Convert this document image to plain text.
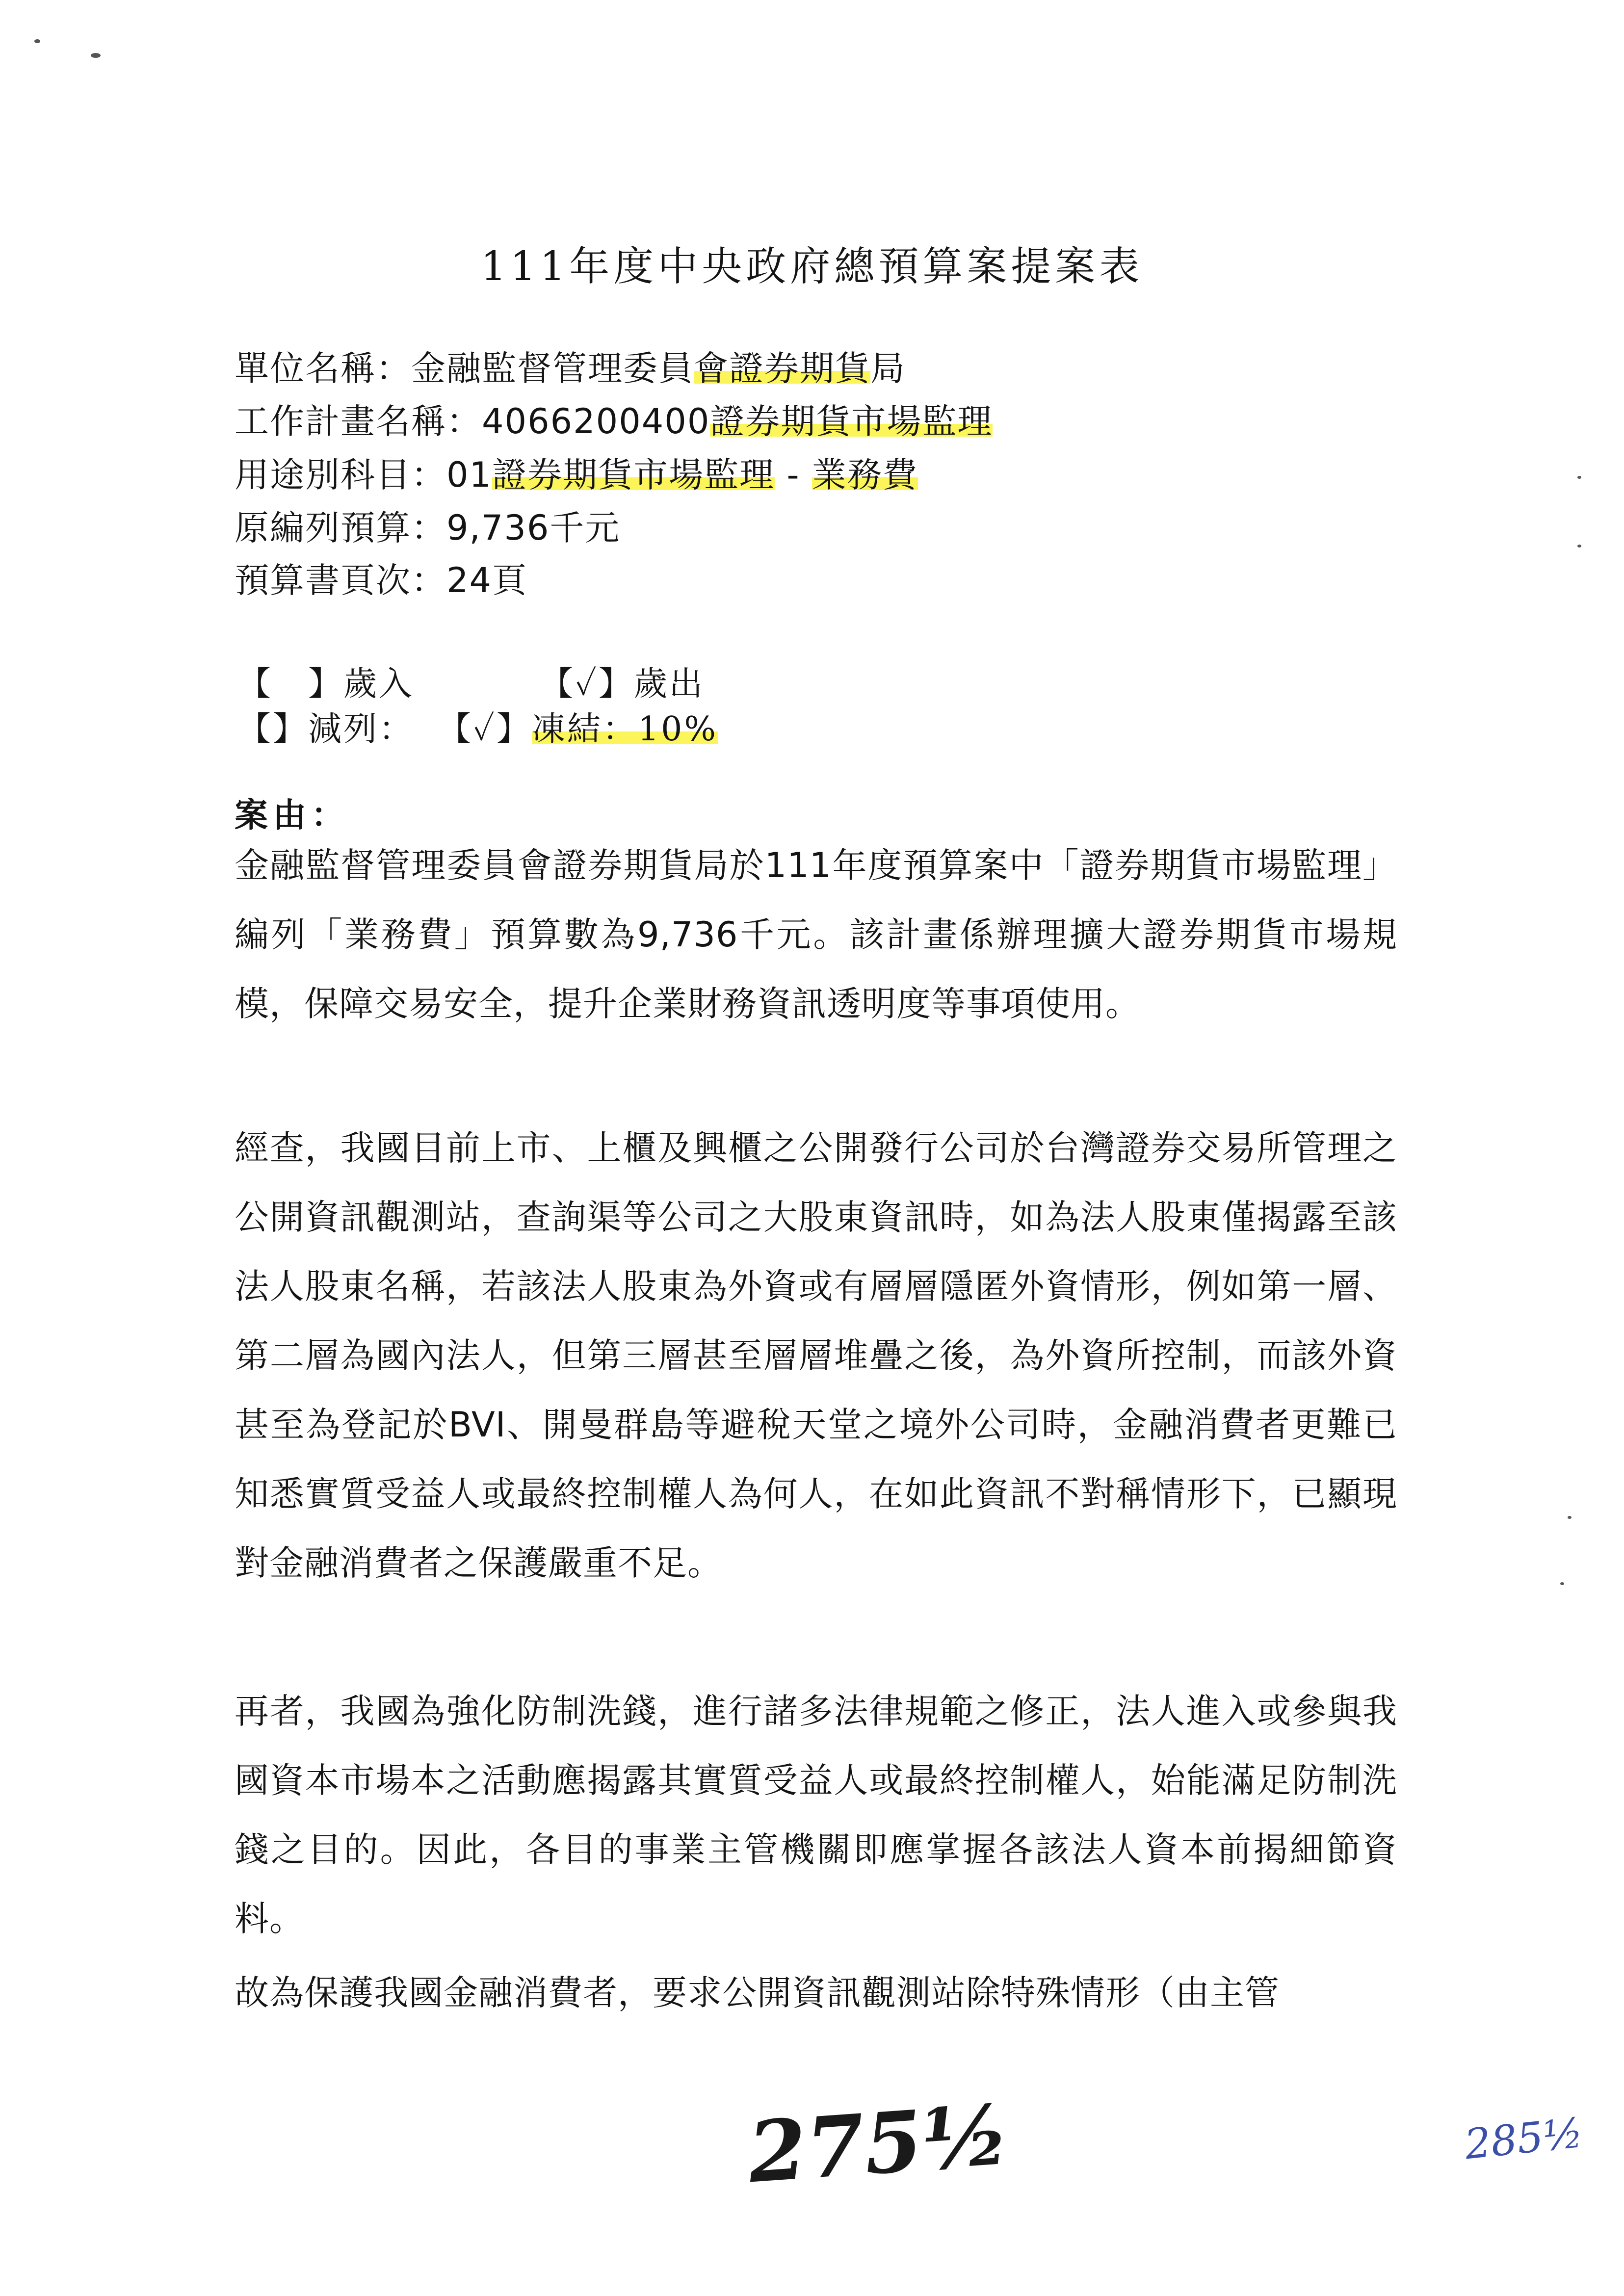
111年度中央政府總預算案提案表
單位名稱：金融監督管理委員會證券期貨局
工作計畫名稱：4066200400證券期貨市場監理
用途別科目：01證券期貨市場監理 - 業務費
原編列預算：9,736千元
預算書頁次：24頁
【　】歲入	【✓】歲出
【】減列： 【✓】凍結：10%
案由：
金融監督管理委員會證券期貨局於111年度預算案中「證券期貨市場監理」編列「業務費」預算數為9,736千元。該計畫係辦理擴大證券期貨市場規模，保障交易安全，提升企業財務資訊透明度等事項使用。
經查，我國目前上市、上櫃及興櫃之公開發行公司於台灣證券交易所管理之公開資訊觀測站，查詢渠等公司之大股東資訊時，如為法人股東僅揭露至該法人股東名稱，若該法人股東為外資或有層層隱匿外資情形，例如第一層、第二層為國內法人，但第三層甚至層層堆疊之後，為外資所控制，而該外資甚至為登記於BVI、開曼群島等避稅天堂之境外公司時，金融消費者更難已知悉實質受益人或最終控制權人為何人，在如此資訊不對稱情形下，已顯現對金融消費者之保護嚴重不足。
再者，我國為強化防制洗錢，進行諸多法律規範之修正，法人進入或參與我國資本市場本之活動應揭露其實質受益人或最終控制權人，始能滿足防制洗錢之目的。因此，各目的事業主管機關即應掌握各該法人資本前揭細節資料。
故為保護我國金融消費者，要求公開資訊觀測站除特殊情形（由主管
275½	285½
